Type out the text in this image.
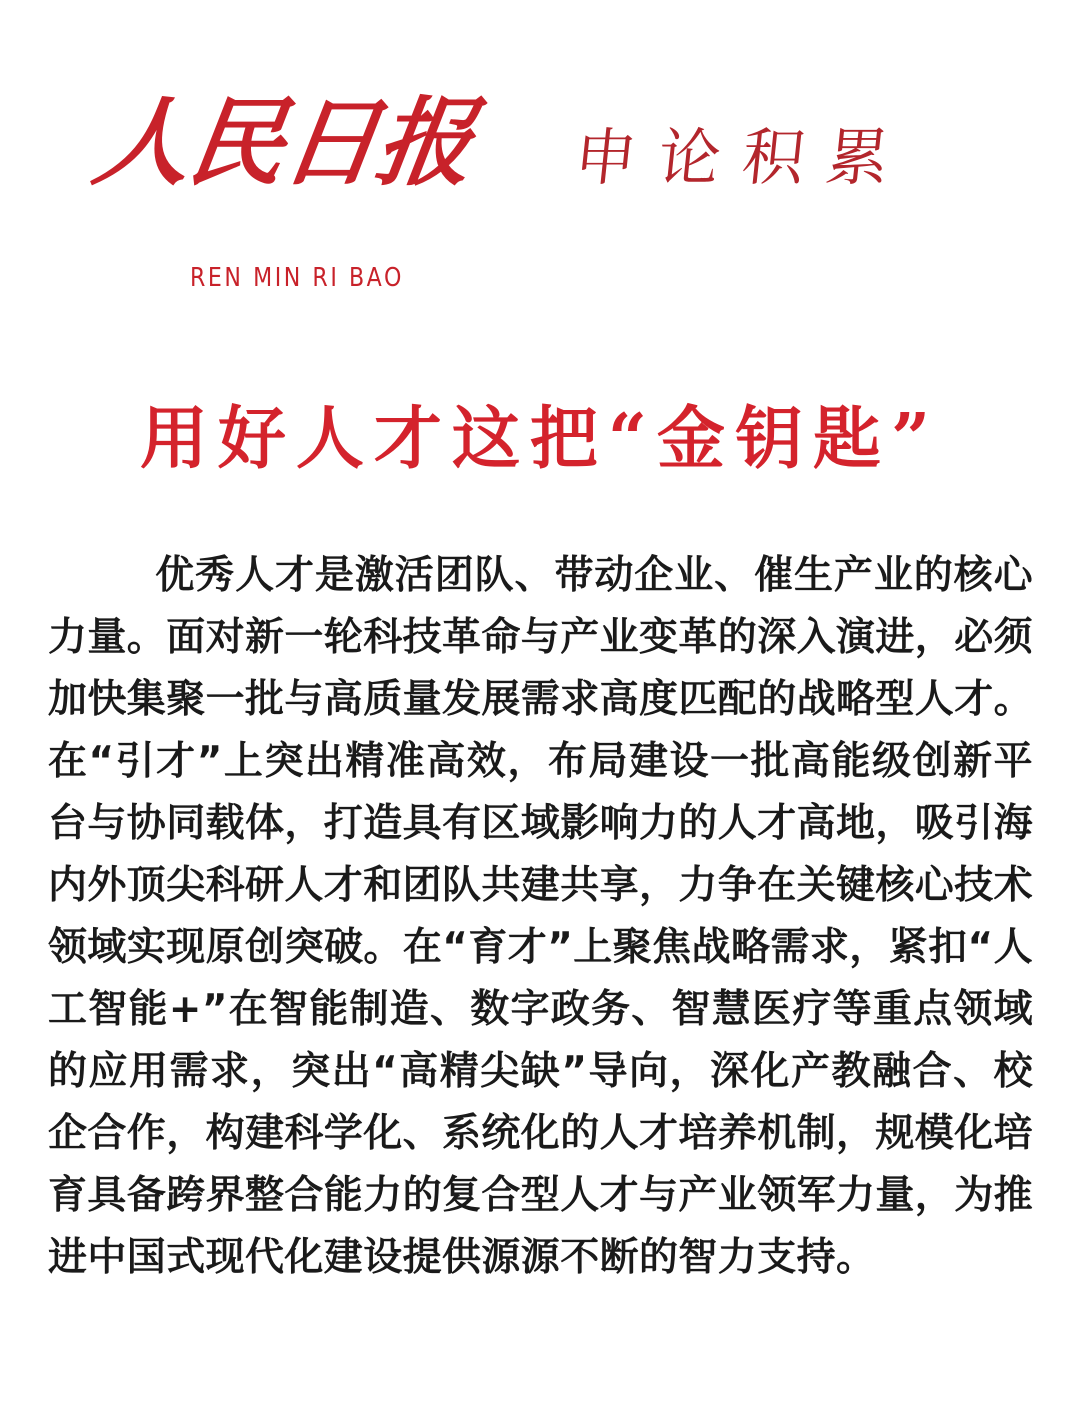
人民日报
REN MIN RI BAO
申论积累
用好人才这把“金钥匙”

优秀人才是激活团队、带动企业、催生产业的核心力量。面对新一轮科技革命与产业变革的深入演进，必须加快集聚一批与高质量发展需求高度匹配的战略型人才。在“引才”上突出精准高效，布局建设一批高能级创新平台与协同载体，打造具有区域影响力的人才高地，吸引海内外顶尖科研人才和团队共建共享，力争在关键核心技术领域实现原创突破。在“育才”上聚焦战略需求，紧扣“人工智能+”在智能制造、数字政务、智慧医疗等重点领域的应用需求，突出“高精尖缺”导向，深化产教融合、校企合作，构建科学化、系统化的人才培养机制，规模化培育具备跨界整合能力的复合型人才与产业领军力量，为推进中国式现代化建设提供源源不断的智力支持。
